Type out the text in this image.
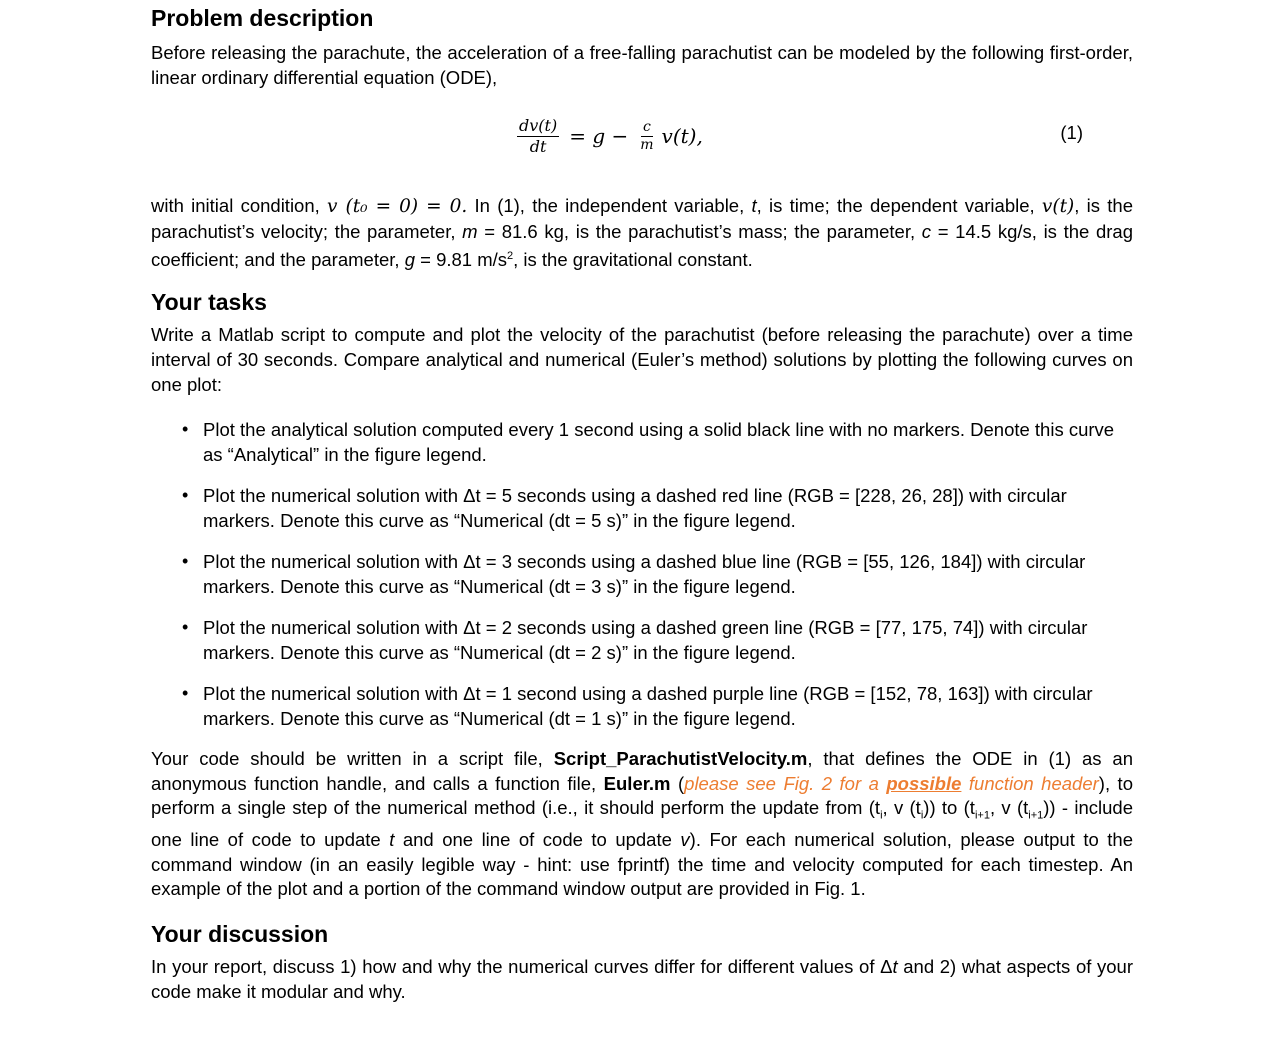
Problem description

Before releasing the parachute, the acceleration of a free-falling parachutist can be modeled by the following first-order, linear ordinary differential equation (ODE),

$\frac{dv(t)}{dt} = g - \frac{c}{m} v(t)$,	(1)

with initial condition, v (t₀ = 0) = 0. In (1), the independent variable, t, is time; the dependent variable, v(t), is the parachutist’s velocity; the parameter, m = 81.6 kg, is the parachutist’s mass; the parameter, c = 14.5 kg/s, is the drag coefficient; and the parameter, g = 9.81 $m/s^2$, is the gravitational constant.

Your tasks

Write a Matlab script to compute and plot the velocity of the parachutist (before releasing the parachute) over a time interval of 30 seconds. Compare analytical and numerical (Euler’s method) solutions by plotting the following curves on one plot:

• Plot the analytical solution computed every 1 second using a solid black line with no markers. Denote this curve as “Analytical” in the figure legend.
• Plot the numerical solution with Δt = 5 seconds using a dashed red line (RGB = [228, 26, 28]) with circular markers. Denote this curve as “Numerical (dt = 5 s)” in the figure legend.
• Plot the numerical solution with Δt = 3 seconds using a dashed blue line (RGB = [55, 126, 184]) with circular markers. Denote this curve as “Numerical (dt = 3 s)” in the figure legend.
• Plot the numerical solution with Δt = 2 seconds using a dashed green line (RGB = [77, 175, 74]) with circular markers. Denote this curve as “Numerical (dt = 2 s)” in the figure legend.
• Plot the numerical solution with Δt = 1 second using a dashed purple line (RGB = [152, 78, 163]) with circular markers. Denote this curve as “Numerical (dt = 1 s)” in the figure legend.

Your code should be written in a script file, Script_ParachutistVelocity.m, that defines the ODE in (1) as an anonymous function handle, and calls a function file, Euler.m (please see Fig. 2 for a possible function header), to perform a single step of the numerical method (i.e., it should perform the update from ($t_i$, v $(t_i)$) to ($t_{i+1}$, v $(t_{i+1})$) - include one line of code to update t and one line of code to update v). For each numerical solution, please output to the command window (in an easily legible way - hint: use fprintf) the time and velocity computed for each timestep. An example of the plot and a portion of the command window output are provided in Fig. 1.

Your discussion

In your report, discuss 1) how and why the numerical curves differ for different values of Δt and 2) what aspects of your code make it modular and why.
